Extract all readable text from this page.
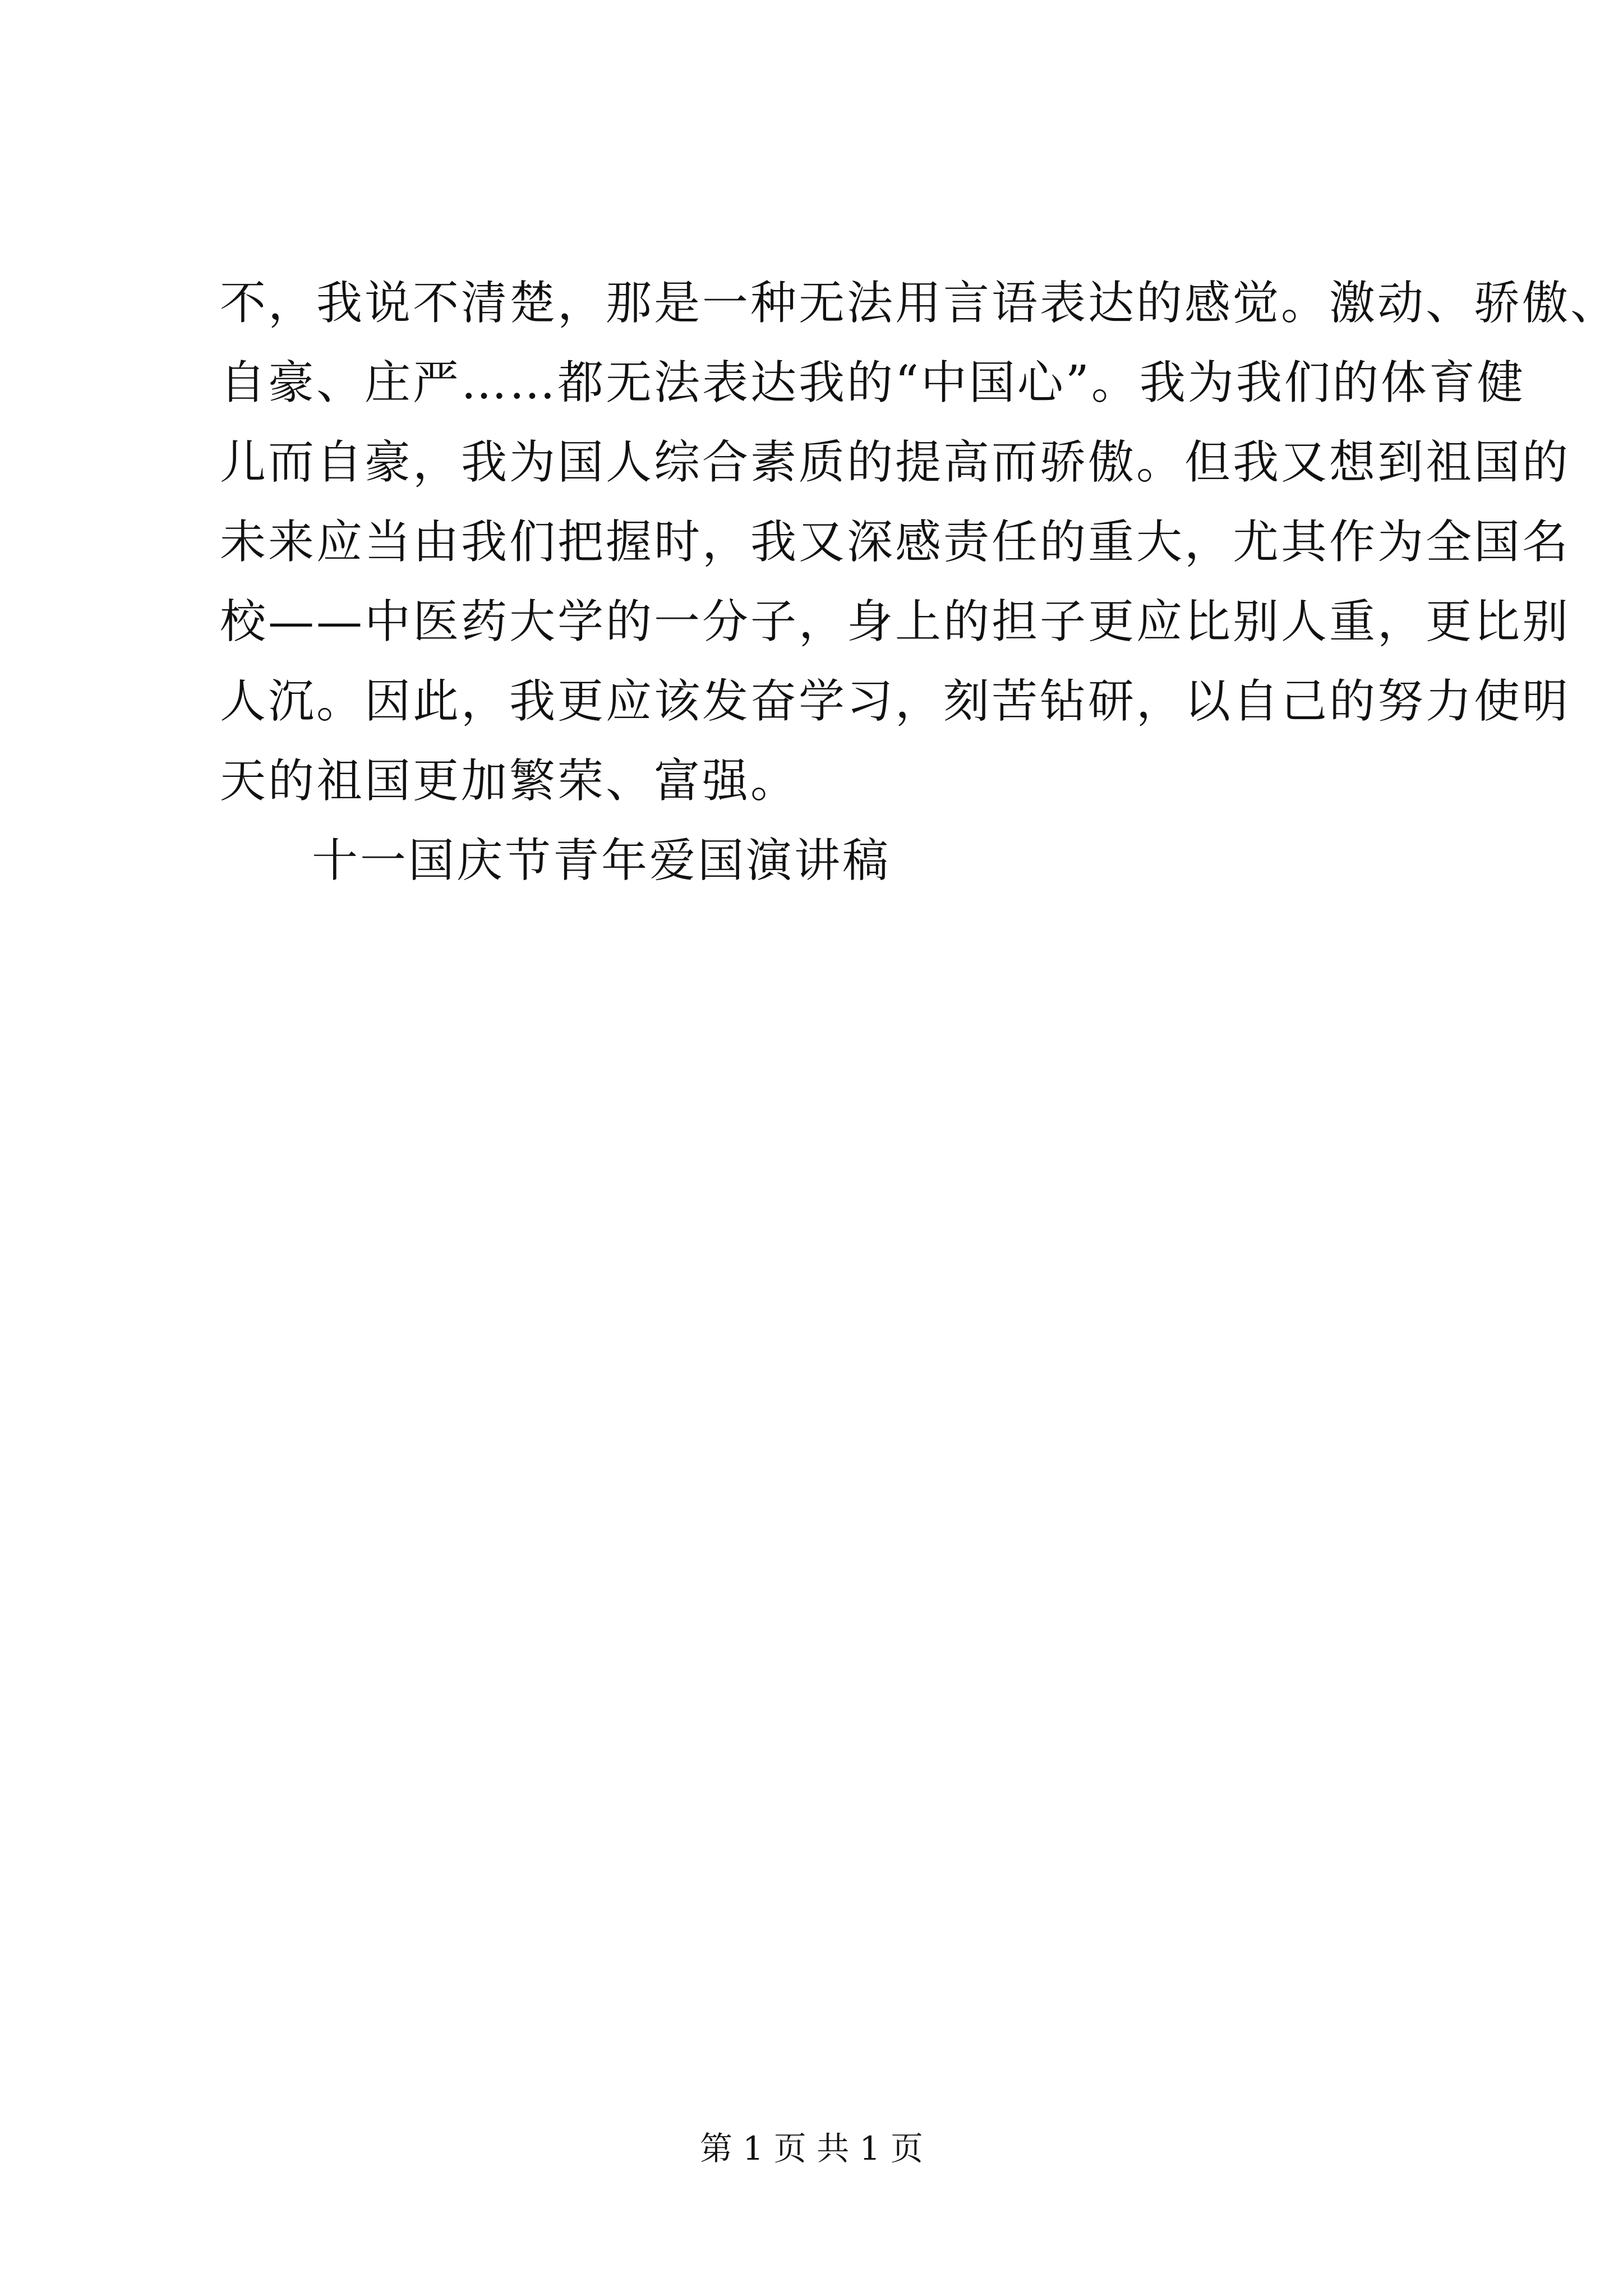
不，我说不清楚，那是一种无法用言语表达的感觉。激动、骄傲、
自豪、庄严……都无法表达我的“中国心”。我为我们的体育健
儿而自豪，我为国人综合素质的提高而骄傲。但我又想到祖国的
未来应当由我们把握时，我又深感责任的重大，尤其作为全国名
校——中医药大学的一分子，身上的担子更应比别人重，更比别
人沉。因此，我更应该发奋学习，刻苦钻研，以自己的努力使明
天的祖国更加繁荣、富强。
十一国庆节青年爱国演讲稿
第 1 页 共 1 页
